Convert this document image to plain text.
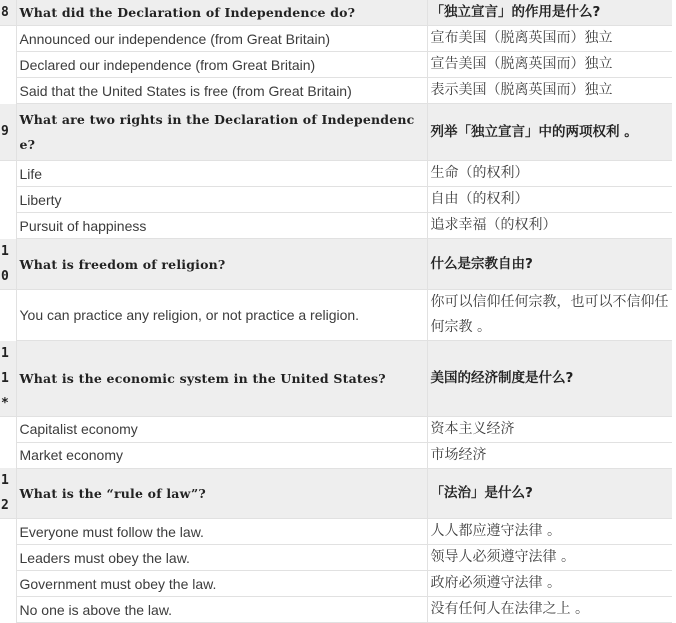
8	What did the Declaration of Independence do?	「独立宣言」的作用是什么?
	Announced our independence (from Great Britain)	宣布美国（脱离英国而）独立
	Declared our independence (from Great Britain)	宣告美国（脱离英国而）独立
	Said that the United States is free (from Great Britain)	表示美国（脱离英国而）独立

9	What are two rights in the Declaration of Independence?	列举「独立宣言」中的两项权利 。
	Life	生命（的权利）
	Liberty	自由（的权利）
	Pursuit of happiness	追求幸福（的权利）

10	What is freedom of religion?	什么是宗教自由?
	You can practice any religion, or not practice a religion.	你可以信仰任何宗教，也可以不信仰任何宗教 。

11*	What is the economic system in the United States?	美国的经济制度是什么?
	Capitalist economy	资本主义经济
	Market economy	市场经济

12	What is the “rule of law”?	「法治」是什么?
	Everyone must follow the law.	人人都应遵守法律 。
	Leaders must obey the law.	领导人必须遵守法律 。
	Government must obey the law.	政府必须遵守法律 。
	No one is above the law.	没有任何人在法律之上 。
